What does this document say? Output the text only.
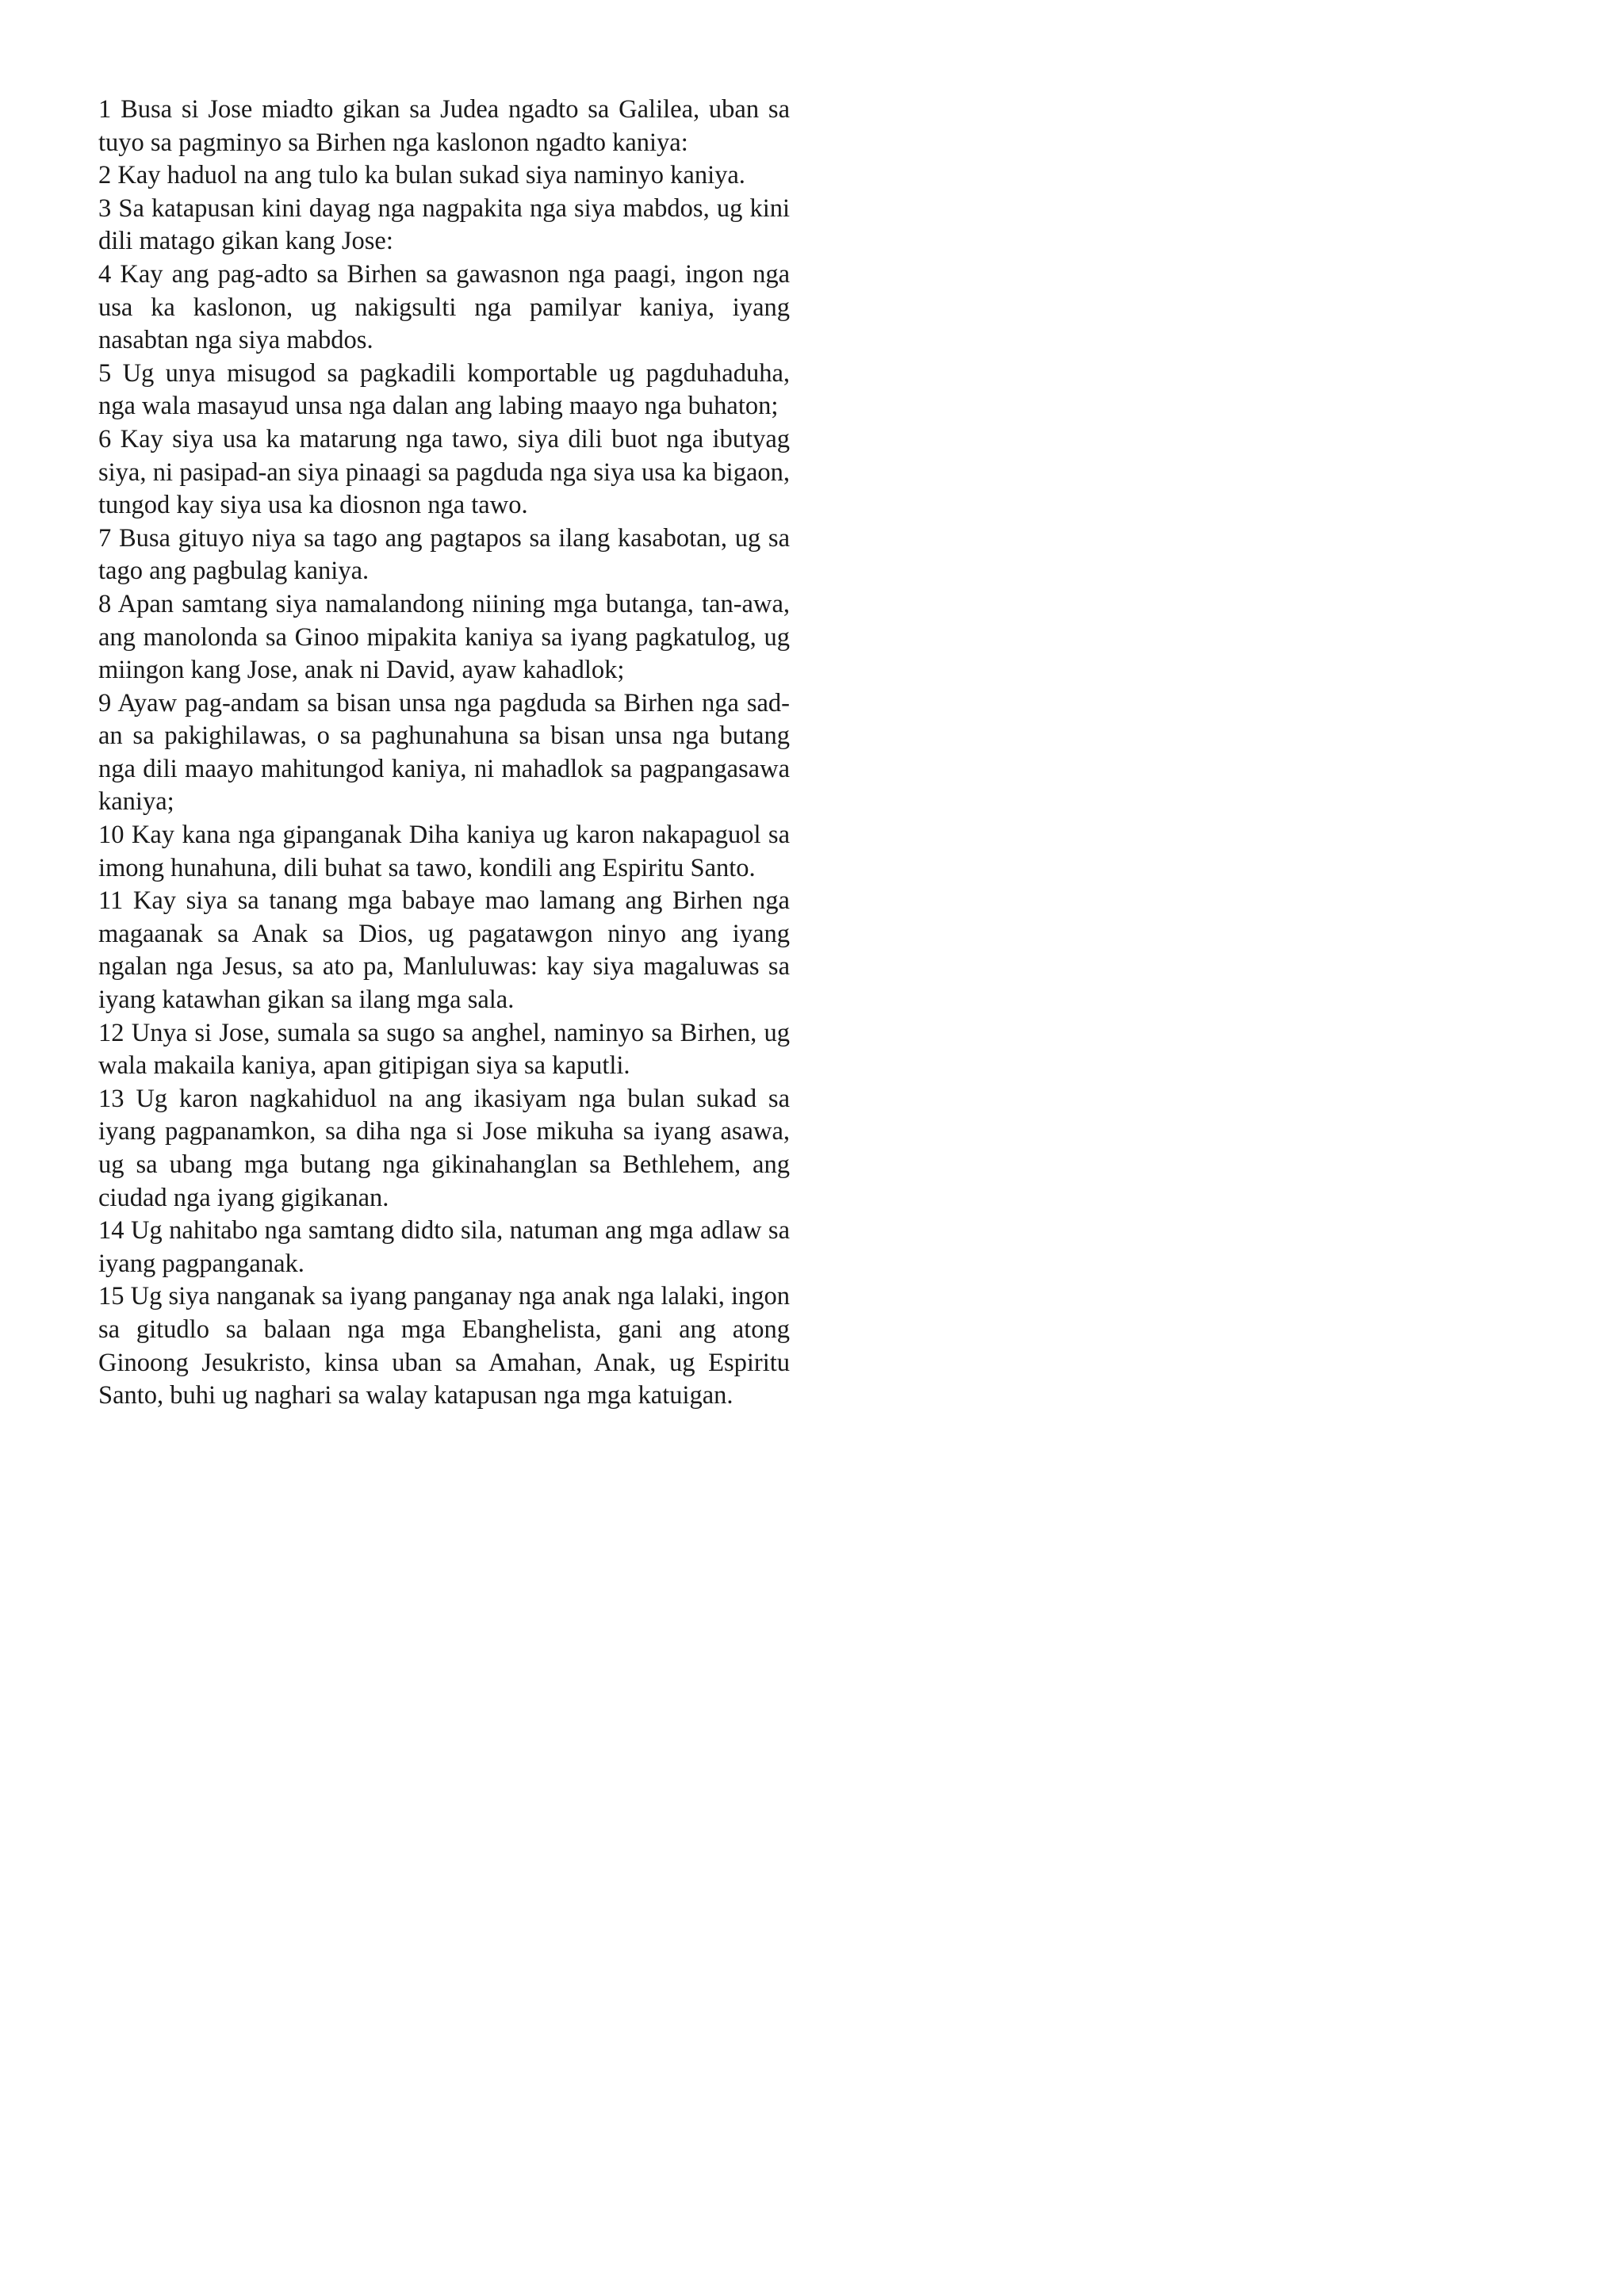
1 Busa si Jose miadto gikan sa Judea ngadto sa Galilea, uban sa tuyo sa pagminyo sa Birhen nga kaslonon ngadto kaniya:

2 Kay haduol na ang tulo ka bulan sukad siya naminyo kaniya.

3 Sa katapusan kini dayag nga nagpakita nga siya mabdos, ug kini dili matago gikan kang Jose:

4 Kay ang pag-adto sa Birhen sa gawasnon nga paagi, ingon nga usa ka kaslonon, ug nakigsulti nga pamilyar kaniya, iyang nasabtan nga siya mabdos.

5 Ug unya misugod sa pagkadili komportable ug pagduhaduha, nga wala masayud unsa nga dalan ang labing maayo nga buhaton;

6 Kay siya usa ka matarung nga tawo, siya dili buot nga ibutyag siya, ni pasipad-an siya pinaagi sa pagduda nga siya usa ka bigaon, tungod kay siya usa ka diosnon nga tawo.

7 Busa gituyo niya sa tago ang pagtapos sa ilang kasabotan, ug sa tago ang pagbulag kaniya.

8 Apan samtang siya namalandong niining mga butanga, tan-awa, ang manolonda sa Ginoo mipakita kaniya sa iyang pagkatulog, ug miingon kang Jose, anak ni David, ayaw kahadlok;

9 Ayaw pag-andam sa bisan unsa nga pagduda sa Birhen nga sad-an sa pakighilawas, o sa paghunahuna sa bisan unsa nga butang nga dili maayo mahitungod kaniya, ni mahadlok sa pagpangasawa kaniya;

10 Kay kana nga gipanganak Diha kaniya ug karon nakapaguol sa imong hunahuna, dili buhat sa tawo, kondili ang Espiritu Santo.

11 Kay siya sa tanang mga babaye mao lamang ang Birhen nga magaanak sa Anak sa Dios, ug pagatawgon ninyo ang iyang ngalan nga Jesus, sa ato pa, Manluluwas: kay siya magaluwas sa iyang katawhan gikan sa ilang mga sala.

12 Unya si Jose, sumala sa sugo sa anghel, naminyo sa Birhen, ug wala makaila kaniya, apan gitipigan siya sa kaputli.

13 Ug karon nagkahiduol na ang ikasiyam nga bulan sukad sa iyang pagpanamkon, sa diha nga si Jose mikuha sa iyang asawa, ug sa ubang mga butang nga gikinahanglan sa Bethlehem, ang ciudad nga iyang gigikanan.

14 Ug nahitabo nga samtang didto sila, natuman ang mga adlaw sa iyang pagpanganak.

15 Ug siya nanganak sa iyang panganay nga anak nga lalaki, ingon sa gitudlo sa balaan nga mga Ebanghelista, gani ang atong Ginoong Jesukristo, kinsa uban sa Amahan, Anak, ug Espiritu Santo, buhi ug naghari sa walay katapusan nga mga katuigan.
